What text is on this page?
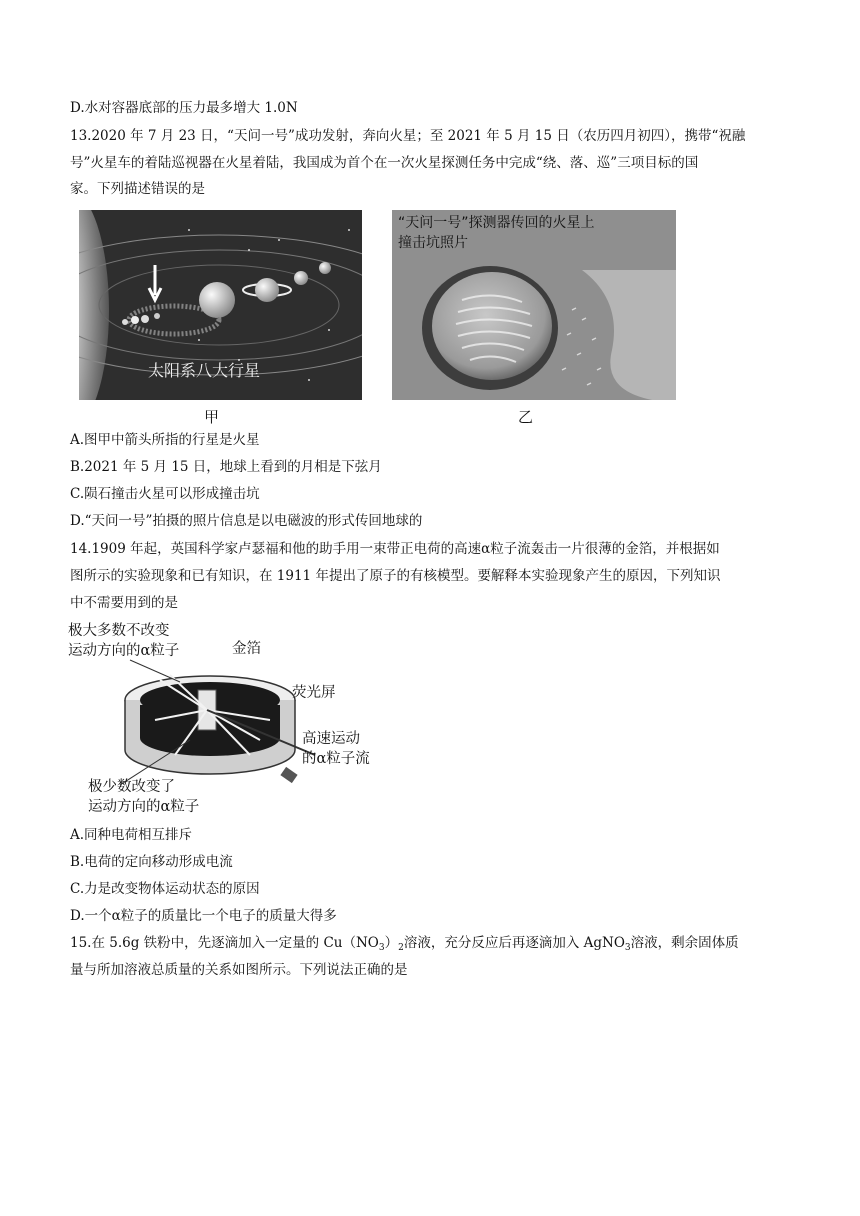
D.水对容器底部的压力最多增大 1.0N
13.2020 年 7 月 23 日，“天问一号”成功发射，奔向火星；至 2021 年 5 月 15 日（农历四月初四），携带“祝融
号”火星车的着陆巡视器在火星着陆，我国成为首个在一次火星探测任务中完成“绕、落、巡”三项目标的国
家。下列描述错误的是
太阳系八大行星
甲
“天问一号”探测器传回的火星上
撞击坑照片
乙
A.图甲中箭头所指的行星是火星
B.2021 年 5 月 15 日，地球上看到的月相是下弦月
C.陨石撞击火星可以形成撞击坑
D.“天问一号”拍摄的照片信息是以电磁波的形式传回地球的
14.1909 年起，英国科学家卢瑟福和他的助手用一束带正电荷的高速α粒子流轰击一片很薄的金箔，并根据如
图所示的实验现象和已有知识，在 1911 年提出了原子的有核模型。要解释本实验现象产生的原因，下列知识
中不需要用到的是
极大多数不改变
运动方向的α粒子	金箔
荧光屏
高速运动
的α粒子流
极少数改变了
运动方向的α粒子
A.同种电荷相互排斥
B.电荷的定向移动形成电流
C.力是改变物体运动状态的原因
D.一个α粒子的质量比一个电子的质量大得多
15.在 5.6g 铁粉中，先逐滴加入一定量的 $Cu(NO_3)_2$溶液，充分反应后再逐滴加入 AgNO$_3$溶液，剩余固体质
量与所加溶液总质量的关系如图所示。下列说法正确的是
